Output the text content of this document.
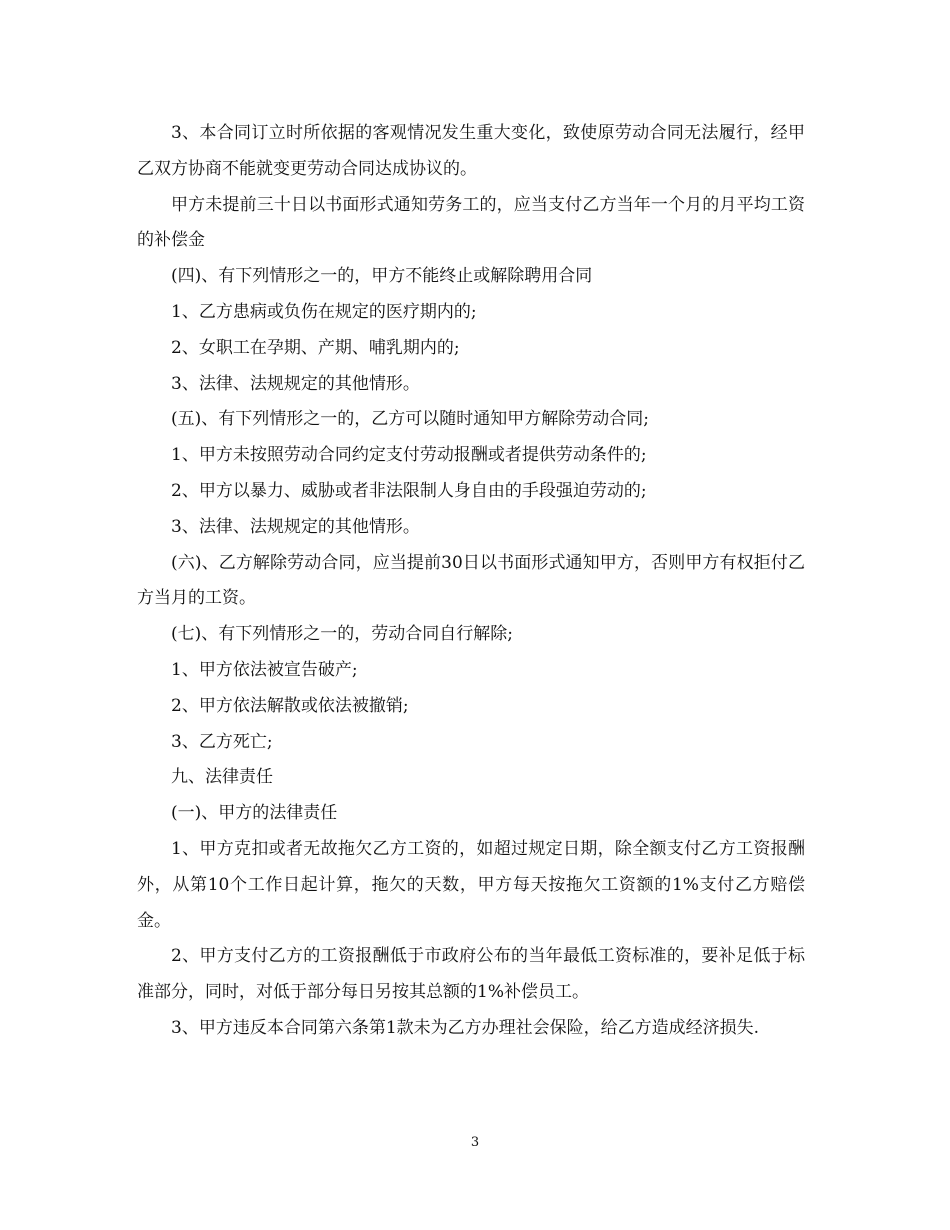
3、本合同订立时所依据的客观情况发生重大变化，致使原劳动合同无法履行，经甲乙双方协商不能就变更劳动合同达成协议的。

甲方未提前三十日以书面形式通知劳务工的，应当支付乙方当年一个月的月平均工资的补偿金

(四)、有下列情形之一的，甲方不能终止或解除聘用合同

1、乙方患病或负伤在规定的医疗期内的;

2、女职工在孕期、产期、哺乳期内的;

3、法律、法规规定的其他情形。

(五)、有下列情形之一的，乙方可以随时通知甲方解除劳动合同;

1、甲方未按照劳动合同约定支付劳动报酬或者提供劳动条件的;

2、甲方以暴力、威胁或者非法限制人身自由的手段强迫劳动的;

3、法律、法规规定的其他情形。

(六)、乙方解除劳动合同，应当提前30日以书面形式通知甲方，否则甲方有权拒付乙方当月的工资。

(七)、有下列情形之一的，劳动合同自行解除;

1、甲方依法被宣告破产;

2、甲方依法解散或依法被撤销;

3、乙方死亡;

九、法律责任

(一)、甲方的法律责任

1、甲方克扣或者无故拖欠乙方工资的，如超过规定日期，除全额支付乙方工资报酬外，从第10个工作日起计算，拖欠的天数，甲方每天按拖欠工资额的1%支付乙方赔偿金。

2、甲方支付乙方的工资报酬低于市政府公布的当年最低工资标准的，要补足低于标准部分，同时，对低于部分每日另按其总额的1%补偿员工。

3、甲方违反本合同第六条第1款未为乙方办理社会保险，给乙方造成经济损失.

3
